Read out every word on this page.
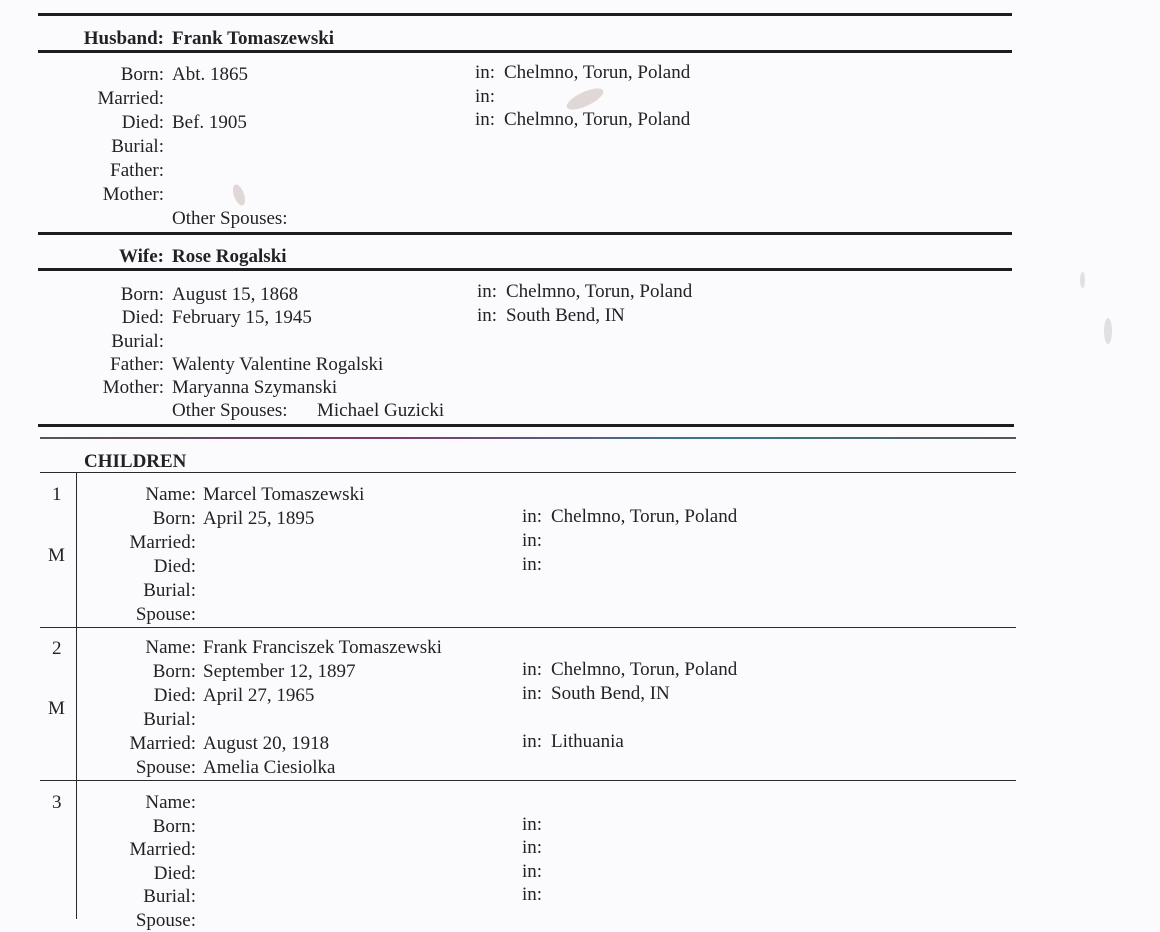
Husband: Frank Tomaszewski
Born: Abt. 1865	in: Chelmno, Torun, Poland
Married:	in:
Died: Bef. 1905	in: Chelmno, Torun, Poland
Burial:
Father:
Mother:
Other Spouses:
Wife: Rose Rogalski
Born: August 15, 1868	in: Chelmno, Torun, Poland
Died: February 15, 1945	in: South Bend, IN
Burial:
Father: Walenty Valentine Rogalski
Mother: Maryanna Szymanski
Other Spouses: Michael Guzicki
CHILDREN
1
M
Name: Marcel Tomaszewski
Born: April 25, 1895	in: Chelmno, Torun, Poland
Married:	in:
Died:	in:
Burial:
Spouse:
2
M
Name: Frank Franciszek Tomaszewski
Born: September 12, 1897	in: Chelmno, Torun, Poland
Died: April 27, 1965	in: South Bend, IN
Burial:
Married: August 20, 1918	in: Lithuania
Spouse: Amelia Ciesiolka
3	Name:
Born:	in:
Married:	in:
Died:	in:
Burial:	in:
Spouse:
